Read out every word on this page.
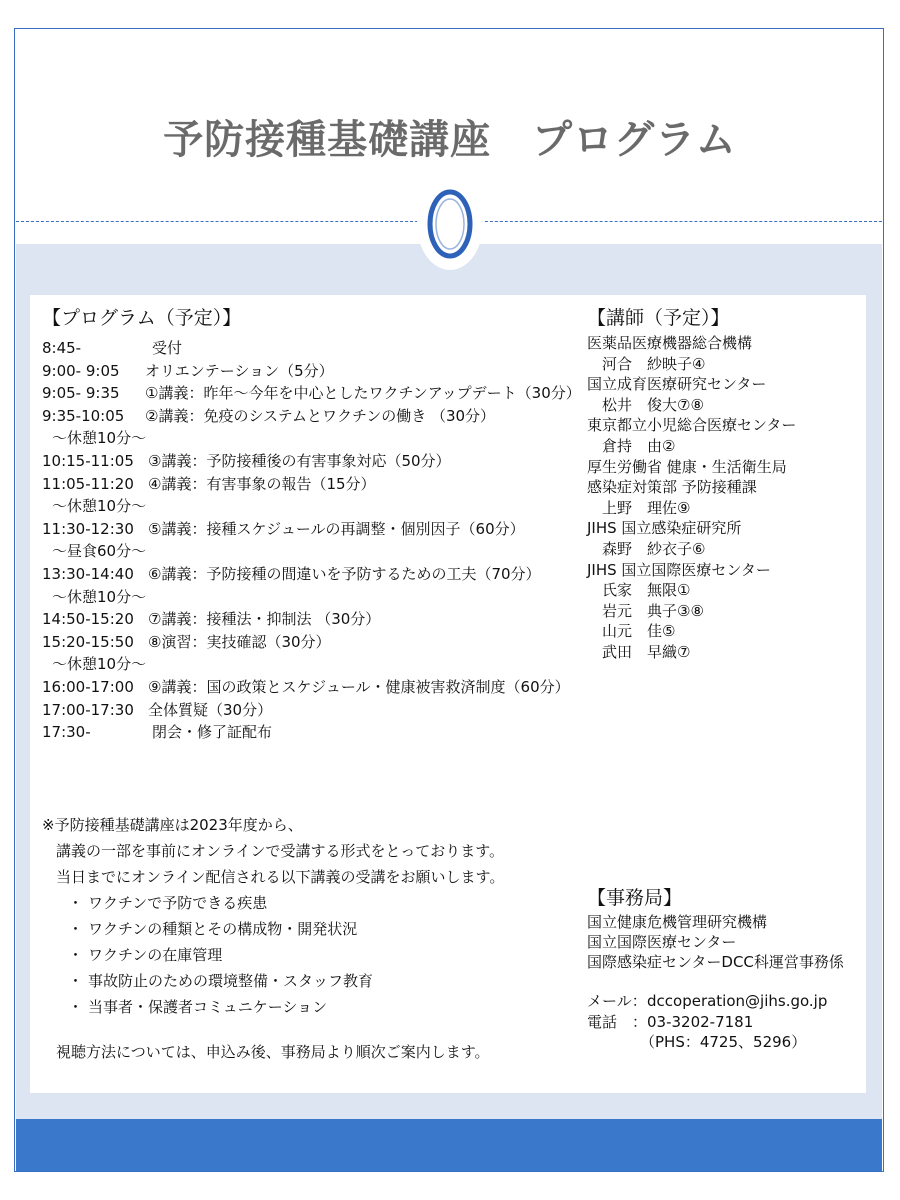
予防接種基礎講座　プログラム
【プログラム（予定）】
8:45-	受付
9:00- 9:05 オリエンテーション（5分）
9:05- 9:35 ①講義：昨年～今年を中心としたワクチンアップデート（30分）
9:35-10:05 ②講義：免疫のシステムとワクチンの働き （30分）
～休憩10分～
10:15-11:05 ③講義：予防接種後の有害事象対応（50分）
11:05-11:20 ④講義：有害事象の報告（15分）
～休憩10分～
11:30-12:30 ⑤講義：接種スケジュールの再調整・個別因子（60分）
～昼食60分～
13:30-14:40 ⑥講義：予防接種の間違いを予防するための工夫（70分）
～休憩10分～
14:50-15:20 ⑦講義：接種法・抑制法 （30分）
15:20-15:50 ⑧演習：実技確認（30分）
～休憩10分～
16:00-17:00 ⑨講義：国の政策とスケジュール・健康被害救済制度（60分）
17:00-17:30 全体質疑（30分）
17:30-	閉会・修了証配布
※予防接種基礎講座は2023年度から、
講義の一部を事前にオンラインで受講する形式をとっております。
当日までにオンライン配信される以下講義の受講をお願いします。
・ ワクチンで予防できる疾患
・ ワクチンの種類とその構成物・開発状況
・ ワクチンの在庫管理
・ 事故防止のための環境整備・スタッフ教育
・ 当事者・保護者コミュニケーション
視聴方法については、申込み後、事務局より順次ご案内します。
【講師（予定）】
医薬品医療機器総合機構
　河合　紗映子④
国立成育医療研究センター
　松井　俊大⑦⑧
東京都立小児総合医療センター
　倉持　由②
厚生労働省 健康・生活衛生局
感染症対策部 予防接種課
　上野　理佐⑨
JIHS 国立感染症研究所
　森野　紗衣子⑥
JIHS 国立国際医療センター
　氏家　無限①
　岩元　典子③⑧
　山元　佳⑤
　武田　早織⑦
【事務局】
国立健康危機管理研究機構
国立国際医療センター
国際感染症センターDCC科運営事務係
メール： dccoperation@jihs.go.jp
電話　： 03-3202-7181
（PHS：4725、5296）
